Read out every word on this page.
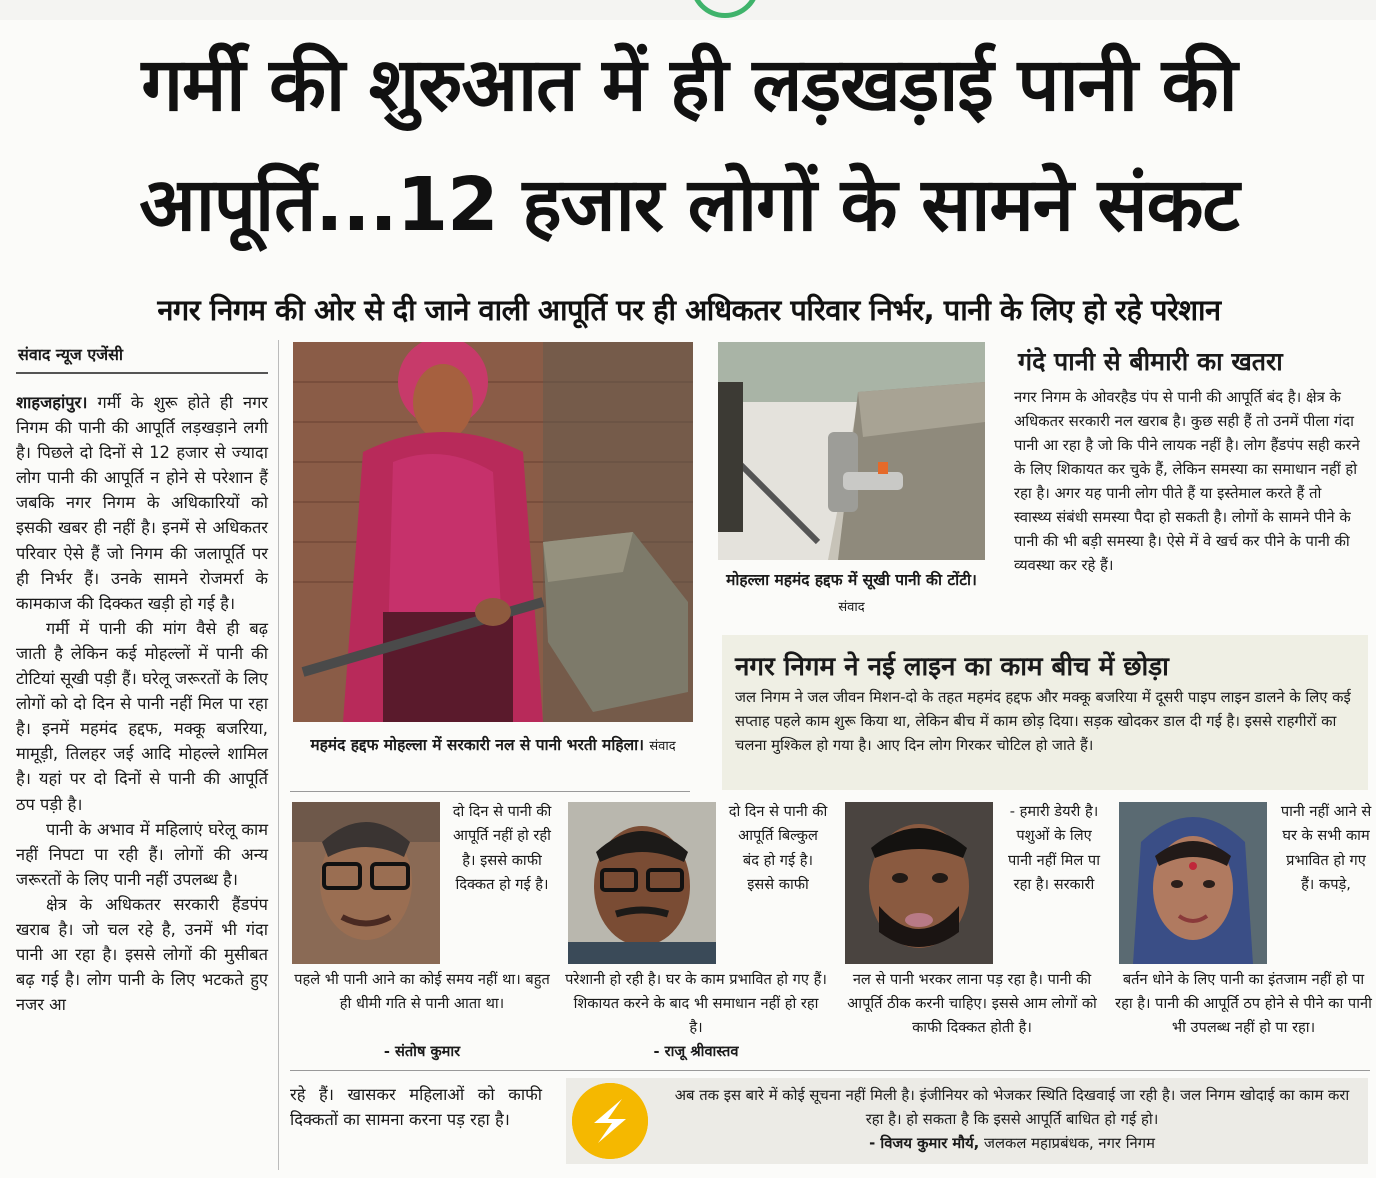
गर्मी की शुरुआत में ही लड़खड़ाई पानी की
आपूर्ति...12 हजार लोगों के सामने संकट
नगर निगम की ओर से दी जाने वाली आपूर्ति पर ही अधिकतर परिवार निर्भर, पानी के लिए हो रहे परेशान
संवाद न्यूज एजेंसी

शाहजहांपुर। गर्मी के शुरू होते ही नगर निगम की पानी की आपूर्ति लड़खड़ाने लगी है। पिछले दो दिनों से 12 हजार से ज्यादा लोग पानी की आपूर्ति न होने से परेशान हैं जबकि नगर निगम के अधिकारियों को इसकी खबर ही नहीं है। इनमें से अधिकतर परिवार ऐसे हैं जो निगम की जलापूर्ति पर ही निर्भर हैं। उनके सामने रोजमर्रा के कामकाज की दिक्कत खड़ी हो गई है।

गर्मी में पानी की मांग वैसे ही बढ़ जाती है लेकिन कई मोहल्लों में पानी की टोटियां सूखी पड़ी हैं। घरेलू जरूरतों के लिए लोगों को दो दिन से पानी नहीं मिल पा रहा है। इनमें महमंद हद्दफ, मक्कू बजरिया, मामूड़ी, तिलहर जई आदि मोहल्ले शामिल है। यहां पर दो दिनों से पानी की आपूर्ति ठप पड़ी है।

पानी के अभाव में महिलाएं घरेलू काम नहीं निपटा पा रही हैं। लोगों की अन्य जरूरतों के लिए पानी नहीं उपलब्ध है।

क्षेत्र के अधिकतर सरकारी हैंडपंप खराब है। जो चल रहे है, उनमें भी गंदा पानी आ रहा है। इससे लोगों की मुसीबत बढ़ गई है। लोग पानी के लिए भटकते हुए नजर आ

महमंद हद्दफ मोहल्ला में सरकारी नल से पानी भरती महिला। संवाद
मोहल्ला महमंद हद्दफ में सूखी पानी की टोंटी। संवाद
गंदे पानी से बीमारी का खतरा
नगर निगम के ओवरहैड पंप से पानी की आपूर्ति बंद है। क्षेत्र के अधिकतर सरकारी नल खराब है। कुछ सही हैं तो उनमें पीला गंदा पानी आ रहा है जो कि पीने लायक नहीं है। लोग हैंडपंप सही करने के लिए शिकायत कर चुके हैं, लेकिन समस्या का समाधान नहीं हो रहा है। अगर यह पानी लोग पीते हैं या इस्तेमाल करते हैं तो स्वास्थ्य संबंधी समस्या पैदा हो सकती है। लोगों के सामने पीने के पानी की भी बड़ी समस्या है। ऐसे में वे खर्च कर पीने के पानी की व्यवस्था कर रहे हैं।
नगर निगम ने नई लाइन का काम बीच में छोड़ा
जल निगम ने जल जीवन मिशन-दो के तहत महमंद हद्दफ और मक्कू बजरिया में दूसरी पाइप लाइन डालने के लिए कई सप्ताह पहले काम शुरू किया था, लेकिन बीच में काम छोड़ दिया। सड़क खोदकर डाल दी गई है। इससे राहगीरों का चलना मुश्किल हो गया है। आए दिन लोग गिरकर चोटिल हो जाते हैं।
दो दिन से पानी की आपूर्ति नहीं हो रही है। इससे काफी दिक्कत हो गई है।
पहले भी पानी आने का कोई समय नहीं था। बहुत ही धीमी गति से पानी आता था।
- संतोष कुमार
दो दिन से पानी की आपूर्ति बिल्कुल बंद हो गई है। इससे काफी
परेशानी हो रही है। घर के काम प्रभावित हो गए हैं। शिकायत करने के बाद भी समाधान नहीं हो रहा है।
- राजू श्रीवास्तव
- हमारी डेयरी है। पशुओं के लिए पानी नहीं मिल पा रहा है। सरकारी
नल से पानी भरकर लाना पड़ रहा है। पानी की आपूर्ति ठीक करनी चाहिए। इससे आम लोगों को काफी दिक्कत होती है।
पानी नहीं आने से घर के सभी काम प्रभावित हो गए हैं। कपड़े,
बर्तन धोने के लिए पानी का इंतजाम नहीं हो पा रहा है। पानी की आपूर्ति ठप होने से पीने का पानी भी उपलब्ध नहीं हो पा रहा।
रहे हैं। खासकर महिलाओं को काफी दिक्कतों का सामना करना पड़ रहा है।
अब तक इस बारे में कोई सूचना नहीं मिली है। इंजीनियर को भेजकर स्थिति दिखवाई जा रही है। जल निगम खोदाई का काम करा रहा है। हो सकता है कि इससे आपूर्ति बाधित हो गई हो।
- विजय कुमार मौर्य, जलकल महाप्रबंधक, नगर निगम
